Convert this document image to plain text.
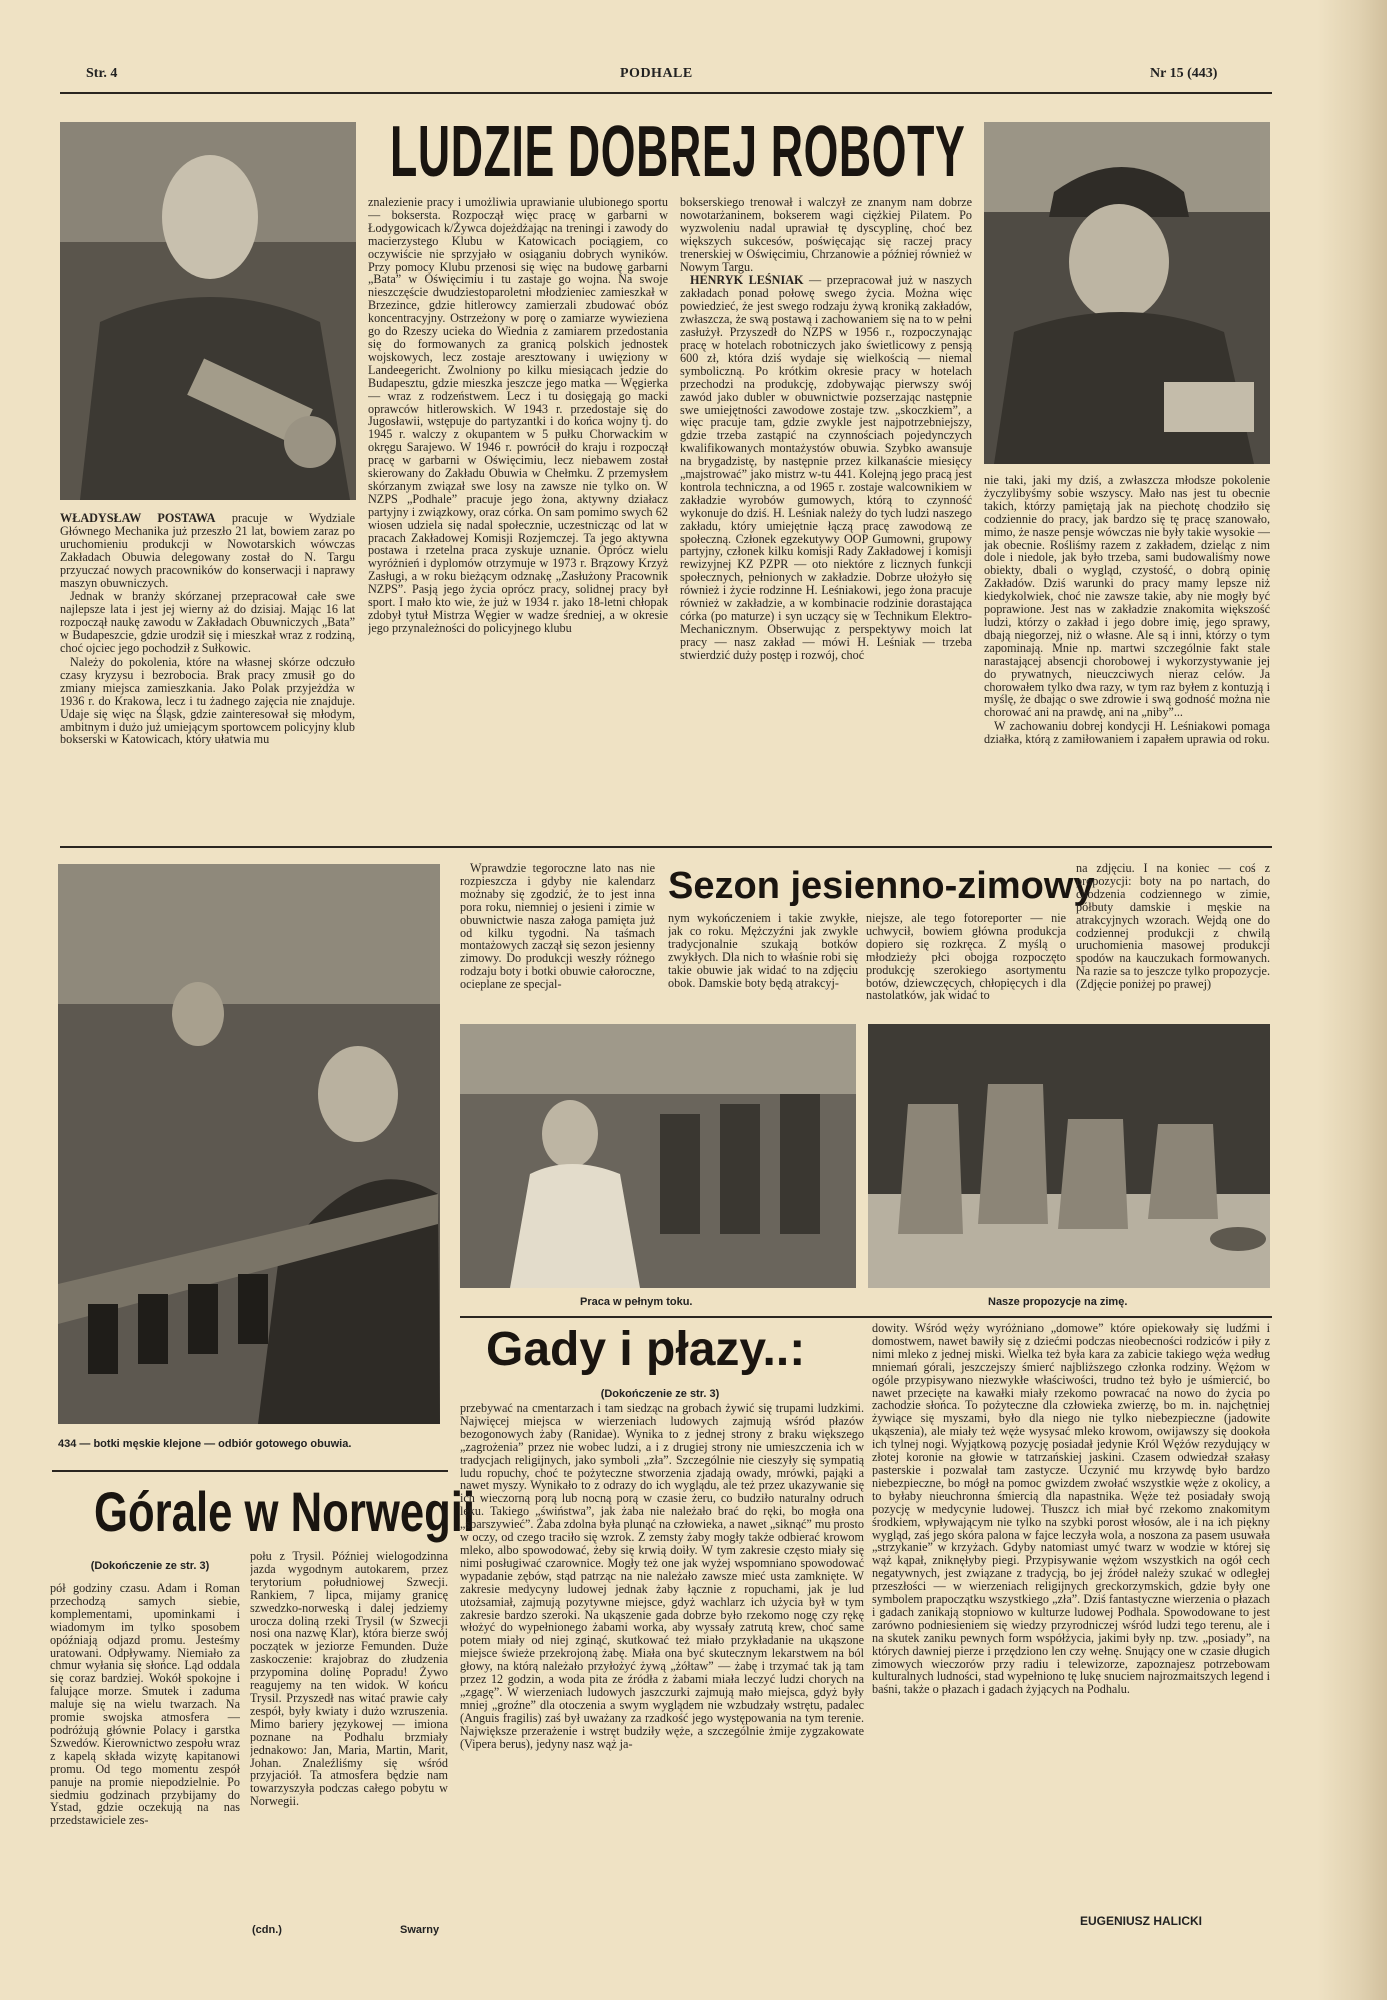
Str. 4	PODHALE	Nr 15 (443)
LUDZIE DOBREJ ROBOTY

WŁADYSŁAW POSTAWA pracuje w Wydziale Głównego Mechanika już przeszło 21 lat, bowiem zaraz po uruchomieniu produkcji w Nowotarskich wówczas Zakładach Obuwia delegowany został do N. Targu przyuczać nowych pracowników do konserwacji i naprawy maszyn obuwniczych.

Jednak w branży skórzanej przepracował całe swe najlepsze lata i jest jej wierny aż do dzisiaj. Mając 16 lat rozpoczął naukę zawodu w Zakładach Obuwniczych „Bata” w Budapeszcie, gdzie urodził się i mieszkał wraz z rodziną, choć ojciec jego pochodził z Sułkowic.

Należy do pokolenia, które na własnej skórze odczuło czasy kryzysu i bezrobocia. Brak pracy zmusił go do zmiany miejsca zamieszkania. Jako Polak przyjeżdża w 1936 r. do Krakowa, lecz i tu żadnego zajęcia nie znajduje. Udaje się więc na Śląsk, gdzie zainteresował się młodym, ambitnym i dużo już umiejącym sportowcem policyjny klub bokserski w Katowicach, który ułatwia mu

znalezienie pracy i umożliwia uprawianie ulubionego sportu — boksersta. Rozpoczął więc pracę w garbarni w Łodygowicach k/Żywca dojeżdżając na treningi i zawody do macierzystego Klubu w Katowicach pociągiem, co oczywiście nie sprzyjało w osiąganiu dobrych wyników. Przy pomocy Klubu przenosi się więc na budowę garbarni „Bata” w Oświęcimiu i tu zastaje go wojna. Na swoje nieszczęście dwudziestoparoletni młodzieniec zamieszkał w Brzezince, gdzie hitlerowcy zamierzali zbudować obóz koncentracyjny. Ostrzeżony w porę o zamiarze wywieziena go do Rzeszy ucieka do Wiednia z zamiarem przedostania się do formowanych za granicą polskich jednostek wojskowych, lecz zostaje aresztowany i uwięziony w Landeegericht. Zwolniony po kilku miesiącach jedzie do Budapesztu, gdzie mieszka jeszcze jego matka — Węgierka — wraz z rodzeństwem. Lecz i tu dosięgają go macki oprawców hitlerowskich. W 1943 r. przedostaje się do Jugosławii, wstępuje do partyzantki i do końca wojny tj. do 1945 r. walczy z okupantem w 5 pułku Chorwackim w okręgu Sarajewo. W 1946 r. powrócił do kraju i rozpoczął pracę w garbarni w Oświęcimiu, lecz niebawem został skierowany do Zakładu Obuwia w Chełmku. Z przemysłem skórzanym związał swe losy na zawsze nie tylko on. W NZPS „Podhale” pracuje jego żona, aktywny działacz partyjny i związkowy, oraz córka. On sam pomimo swych 62 wiosen udziela się nadal społecznie, uczestnicząc od lat w pracach Zakładowej Komisji Rozjemczej. Ta jego aktywna postawa i rzetelna praca zyskuje uznanie. Oprócz wielu wyróżnień i dyplomów otrzymuje w 1973 r. Brązowy Krzyż Zasługi, a w roku bieżącym odznakę „Zasłużony Pracownik NZPS”. Pasją jego życia oprócz pracy, solidnej pracy był sport. I mało kto wie, że już w 1934 r. jako 18-letni chłopak zdobył tytuł Mistrza Węgier w wadze średniej, a w okresie jego przynależności do policyjnego klubu

bokserskiego trenował i walczył ze znanym nam dobrze nowotarżaninem, bokserem wagi ciężkiej Pilatem. Po wyzwoleniu nadal uprawiał tę dyscyplinę, choć bez większych sukcesów, poświęcając się raczej pracy trenerskiej w Oświęcimiu, Chrzanowie a później również w Nowym Targu.

HENRYK LEŚNIAK — przepracował już w naszych zakładach ponad połowę swego życia. Można więc powiedzieć, że jest swego rodzaju żywą kroniką zakładów, zwłaszcza, że swą postawą i zachowaniem się na to w pełni zasłużył. Przyszedł do NZPS w 1956 r., rozpoczynając pracę w hotelach robotniczych jako świetlicowy z pensją 600 zł, która dziś wydaje się wielkością — niemal symboliczną. Po krótkim okresie pracy w hotelach przechodzi na produkcję, zdobywając pierwszy swój zawód jako dubler w obuwnictwie pozserzając następnie swe umiejętności zawodowe zostaje tzw. „skoczkiem”, a więc pracuje tam, gdzie zwykle jest najpotrzebniejszy, gdzie trzeba zastąpić na czynnościach pojedynczych kwalifikowanych montażystów obuwia. Szybko awansuje na brygadzistę, by następnie przez kilkanaście miesięcy „majstrować” jako mistrz w-tu 441. Kolejną jego pracą jest kontrola techniczna, a od 1965 r. zostaje walcownikiem w zakładzie wyrobów gumowych, którą to czynność wykonuje do dziś. H. Leśniak należy do tych ludzi naszego zakładu, który umiejętnie łączą pracę zawodową ze społeczną. Członek egzekutywy OOP Gumowni, grupowy partyjny, członek kilku komisji Rady Zakładowej i komisji rewizyjnej KZ PZPR — oto niektóre z licznych funkcji społecznych, pełnionych w zakładzie. Dobrze ułożyło się również i życie rodzinne H. Leśniakowi, jego żona pracuje również w zakładzie, a w kombinacie rodzinie dorastająca córka (po maturze) i syn uczący się w Technikum Elektro-Mechanicznym. Obserwując z perspektywy moich lat pracy — nasz zakład — mówi H. Leśniak — trzeba stwierdzić duży postęp i rozwój, choć

nie taki, jaki my dziś, a zwłaszcza młodsze pokolenie życzylibyśmy sobie wszyscy. Mało nas jest tu obecnie takich, którzy pamiętają jak na piechotę chodziło się codziennie do pracy, jak bardzo się tę pracę szanowało, mimo, że nasze pensje wówczas nie były takie wysokie — jak obecnie. Rośliśmy razem z zakładem, dzieląc z nim dole i niedole, jak było trzeba, sami budowaliśmy nowe obiekty, dbali o wygląd, czystość, o dobrą opinię Zakładów. Dziś warunki do pracy mamy lepsze niż kiedykolwiek, choć nie zawsze takie, aby nie mogły być poprawione. Jest nas w zakładzie znakomita większość ludzi, którzy o zakład i jego dobre imię, jego sprawy, dbają niegorzej, niż o własne. Ale są i inni, którzy o tym zapominają. Mnie np. martwi szczególnie fakt stale narastającej absencji chorobowej i wykorzystywanie jej do prywatnych, nieuczciwych nieraz celów. Ja chorowałem tylko dwa razy, w tym raz byłem z kontuzją i myślę, że dbając o swe zdrowie i swą godność można nie chorować ani na prawdę, ani na „niby”...

W zachowaniu dobrej kondycji H. Leśniakowi pomaga działka, którą z zamiłowaniem i zapałem uprawia od roku.

Wprawdzie tegoroczne lato nas nie rozpieszcza i gdyby nie kalendarz możnaby się zgodzić, że to jest inna pora roku, niemniej o jesieni i zimie w obuwnictwie nasza załoga pamięta już od kilku tygodni. Na taśmach montażowych zaczął się sezon jesienny zimowy. Do produkcji weszły różnego rodzaju boty i botki obuwie całoroczne, ocieplane ze specjal-

Sezon jesienno-zimowy

nym wykończeniem i takie zwykłe, jak co roku. Mężczyźni jak zwykle tradycjonalnie szukają botków zwykłych. Dla nich to właśnie robi się takie obuwie jak widać to na zdjęciu obok. Damskie boty będą atrakcyj-

niejsze, ale tego fotoreporter — nie uchwycił, bowiem główna produkcja dopiero się rozkręca. Z myślą o młodzieży płci obojga rozpoczęto produkcję szerokiego asortymentu botów, dziewczęcych, chłopięcych i dla nastolatków, jak widać to

na zdjęciu. I na koniec — coś z propozycji: boty na po nartach, do chodzenia codziennego w zimie, półbuty damskie i męskie na atrakcyjnych wzorach. Wejdą one do codziennej produkcji z chwilą uruchomienia masowej produkcji spodów na kauczukach formowanych. Na razie sa to jeszcze tylko propozycje. (Zdjęcie poniżej po prawej)

Praca w pełnym toku.	Nasze propozycje na zimę.
434 — botki męskie klejone — odbiór gotowego obuwia.
Górale w Norwegii
(Dokończenie ze str. 3)

pół godziny czasu. Adam i Roman przechodzą samych siebie, komplementami, upominkami i wiadomym im tylko sposobem opóźniają odjazd promu. Jesteśmy uratowani. Odpływamy. Niemiało za chmur wyłania się słońce. Ląd oddala się coraz bardziej. Wokół spokojne i falujące morze. Smutek i zaduma maluje się na wielu twarzach. Na promie swojska atmosfera — podróżują głównie Polacy i garstka Szwedów. Kierownictwo zespołu wraz z kapelą składa wizytę kapitanowi promu. Od tego momentu zespół panuje na promie niepodzielnie. Po siedmiu godzinach przybijamy do Ystad, gdzie oczekują na nas przedstawiciele zes-

połu z Trysil. Później wielogodzinna jazda wygodnym autokarem, przez terytorium południowej Szwecji. Rankiem, 7 lipca, mijamy granicę szwedzko-norweską i dalej jedziemy urocza doliną rzeki Trysil (w Szwecji nosi ona nazwę Klar), która bierze swój początek w jeziorze Femunden. Duże zaskoczenie: krajobraz do złudzenia przypomina dolinę Popradu! Żywo reagujemy na ten widok. W końcu Trysil. Przyszedł nas witać prawie cały zespół, były kwiaty i dużo wzruszenia. Mimo bariery językowej — imiona poznane na Podhalu brzmiały jednakowo: Jan, Maria, Martin, Marit, Johan. Znaleźliśmy się wśród przyjaciół. Ta atmosfera będzie nam towarzyszyła podczas całego pobytu w Norwegii.

(cdn.)	Swarny
Gady i płazy..:
(Dokończenie ze str. 3)

przebywać na cmentarzach i tam siedząc na grobach żywić się trupami ludzkimi. Najwięcej miejsca w wierzeniach ludowych zajmują wśród płazów bezogonowych żaby (Ranidae). Wynika to z jednej strony z braku większego „zagrożenia” przez nie wobec ludzi, a i z drugiej strony nie umieszczenia ich w tradycjach religijnych, jako symboli „zła”. Szczególnie nie cieszyły się sympatią ludu ropuchy, choć te pożyteczne stworzenia zjadają owady, mrówki, pająki a nawet myszy. Wynikało to z odrazy do ich wyglądu, ale też przez ukazywanie się ich wieczorną porą lub nocną porą w czasie żeru, co budziło naturalny odruch lęku. Takiego „świństwa”, jak żaba nie należało brać do ręki, bo mogła ona „sparszywieć”. Żaba zdolna była plunąć na człowieka, a nawet „siknąć” mu prosto w oczy, od czego traciło się wzrok. Z zemsty żaby mogły także odbierać krowom mleko, albo spowodować, żeby się krwią doiły. W tym zakresie często miały się nimi posługiwać czarownice. Mogły też one jak wyżej wspomniano spowodować wypadanie zębów, stąd patrząc na nie należało zawsze mieć usta zamknięte. W zakresie medycyny ludowej jednak żaby łącznie z ropuchami, jak je lud utożsamiał, zajmują pozytywne miejsce, gdyż wachlarz ich użycia był w tym zakresie bardzo szeroki. Na ukąszenie gada dobrze było rzekomo nogę czy rękę włożyć do wypełnionego żabami worka, aby wyssały zatrutą krew, choć same potem miały od niej zginąć, skutkować też miało przykładanie na ukąszone miejsce świeże przekrojoną żabę. Miała ona być skutecznym lekarstwem na ból głowy, na którą należało przyłożyć żywą „żółtaw” — żabę i trzymać tak ją tam przez 12 godzin, a woda pita ze źródła z żabami miała leczyć ludzi chorych na „zgagę”. W wierzeniach ludowych jaszczurki zajmują mało miejsca, gdyż były mniej „groźne” dla otoczenia a swym wyglądem nie wzbudzały wstrętu, padalec (Anguis fragilis) zaś był uważany za rzadkość jego występowania na tym terenie. Największe przerażenie i wstręt budziły węże, a szczególnie żmije zygzakowate (Vipera berus), jedyny nasz wąż ja-

dowity. Wśród węży wyróżniano „domowe” które opiekowały się ludźmi i domostwem, nawet bawiły się z dziećmi podczas nieobecności rodziców i piły z nimi mleko z jednej miski. Wielka też była kara za zabicie takiego węża według mniemań górali, jeszczejszy śmierć najbliższego członka rodziny. Wężom w ogóle przypisywano niezwykłe właściwości, trudno też było je uśmiercić, bo nawet przecięte na kawałki miały rzekomo powracać na nowo do życia po zachodzie słońca. To pożyteczne dla człowieka zwierzę, bo m. in. najchętniej żywiące się myszami, było dla niego nie tylko niebezpieczne (jadowite ukąszenia), ale miały też węże wysysać mleko krowom, owijawszy się dookoła ich tylnej nogi. Wyjątkową pozycję posiadał jedynie Król Wężów rezydujący w złotej koronie na głowie w tatrzańskiej jaskini. Czasem odwiedzał szałasy pasterskie i pozwalał tam zastycze. Uczynić mu krzywdę było bardzo niebezpieczne, bo mógł na pomoc gwizdem zwołać wszystkie węże z okolicy, a to byłaby nieuchronna śmiercią dla napastnika. Węże też posiadały swoją pozycję w medycynie ludowej. Tłuszcz ich miał być rzekomo znakomitym środkiem, wpływającym nie tylko na szybki porost włosów, ale i na ich piękny wygląd, zaś jego skóra palona w fajce leczyła wola, a noszona za pasem usuwała „strzykanie” w krzyżach. Gdyby natomiast umyć twarz w wodzie w której się wąż kąpał, zniknęłyby piegi. Przypisywanie wężom wszystkich na ogół cech negatywnych, jest związane z tradycją, bo jej źródeł należy szukać w odległej przeszłości — w wierzeniach religijnych greckorzymskich, gdzie były one symbolem prapoczątku wszystkiego „zła”. Dziś fantastyczne wierzenia o płazach i gadach zanikają stopniowo w kulturze ludowej Podhala. Spowodowane to jest zarówno podniesieniem się wiedzy przyrodniczej wśród ludzi tego terenu, ale i na skutek zaniku pewnych form współżycia, jakimi były np. tzw. „posiady”, na których dawniej pierze i przędziono len czy wełnę. Snujący one w czasie długich zimowych wieczorów przy radiu i telewizorze, zapoznajesz potrzebowam kulturalnych ludności, stad wypełniono tę lukę snuciem najrozmaitszych legend i baśni, także o płazach i gadach żyjących na Podhalu.

EUGENIUSZ HALICKI
